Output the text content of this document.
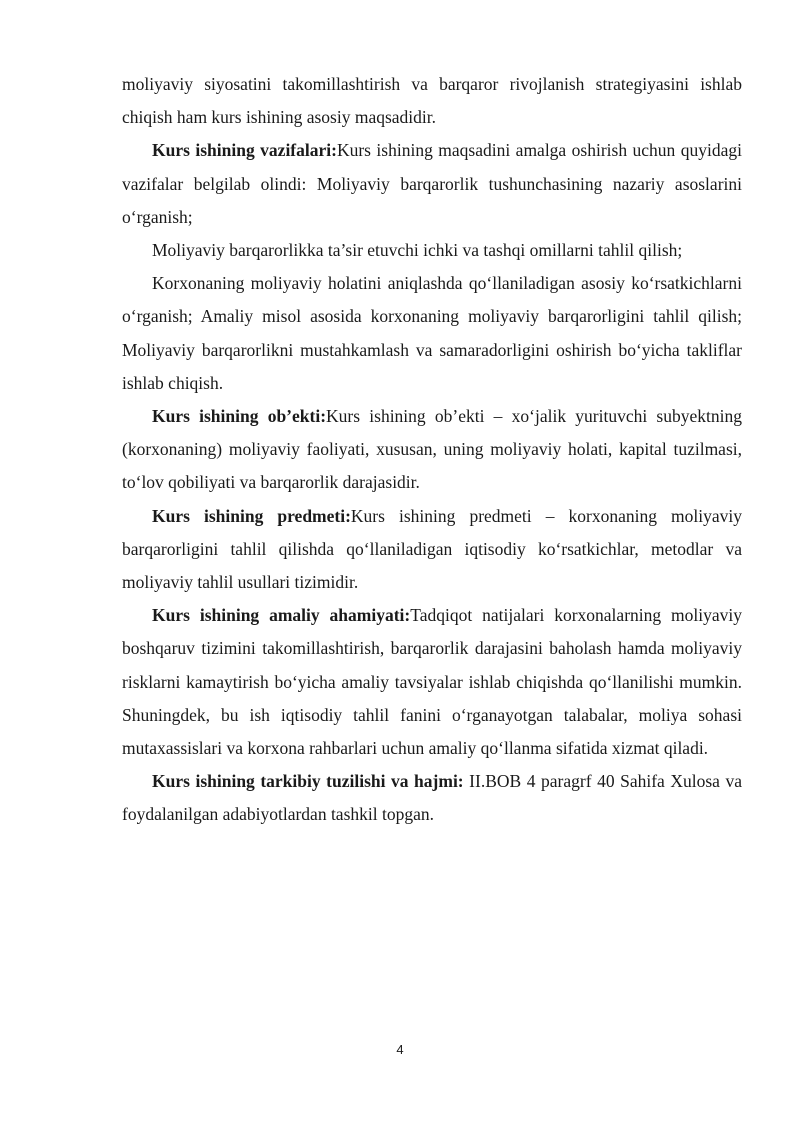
moliyaviy siyosatini takomillashtirish va barqaror rivojlanish strategiyasini ishlab chiqish ham kurs ishining asosiy maqsadidir.

Kurs ishining vazifalari:Kurs ishining maqsadini amalga oshirish uchun quyidagi vazifalar belgilab olindi: Moliyaviy barqarorlik tushunchasining nazariy asoslarini o‘rganish;

Moliyaviy barqarorlikka ta’sir etuvchi ichki va tashqi omillarni tahlil qilish;

Korxonaning moliyaviy holatini aniqlashda qo‘llaniladigan asosiy ko‘rsatkichlarni o‘rganish; Amaliy misol asosida korxonaning moliyaviy barqarorligini tahlil qilish; Moliyaviy barqarorlikni mustahkamlash va samaradorligini oshirish bo‘yicha takliflar ishlab chiqish.

Kurs ishining ob’ekti:Kurs ishining ob’ekti – xo‘jalik yurituvchi subyektning (korxonaning) moliyaviy faoliyati, xususan, uning moliyaviy holati, kapital tuzilmasi, to‘lov qobiliyati va barqarorlik darajasidir.

Kurs ishining predmeti:Kurs ishining predmeti – korxonaning moliyaviy barqarorligini tahlil qilishda qo‘llaniladigan iqtisodiy ko‘rsatkichlar, metodlar va moliyaviy tahlil usullari tizimidir.

Kurs ishining amaliy ahamiyati:Tadqiqot natijalari korxonalarning moliyaviy boshqaruv tizimini takomillashtirish, barqarorlik darajasini baholash hamda moliyaviy risklarni kamaytirish bo‘yicha amaliy tavsiyalar ishlab chiqishda qo‘llanilishi mumkin. Shuningdek, bu ish iqtisodiy tahlil fanini o‘rganayotgan talabalar, moliya sohasi mutaxassislari va korxona rahbarlari uchun amaliy qo‘llanma sifatida xizmat qiladi.

Kurs ishining tarkibiy tuzilishi va hajmi: II.BOB 4 paragrf 40 Sahifa Xulosa va foydalanilgan adabiyotlardan tashkil topgan.

4
